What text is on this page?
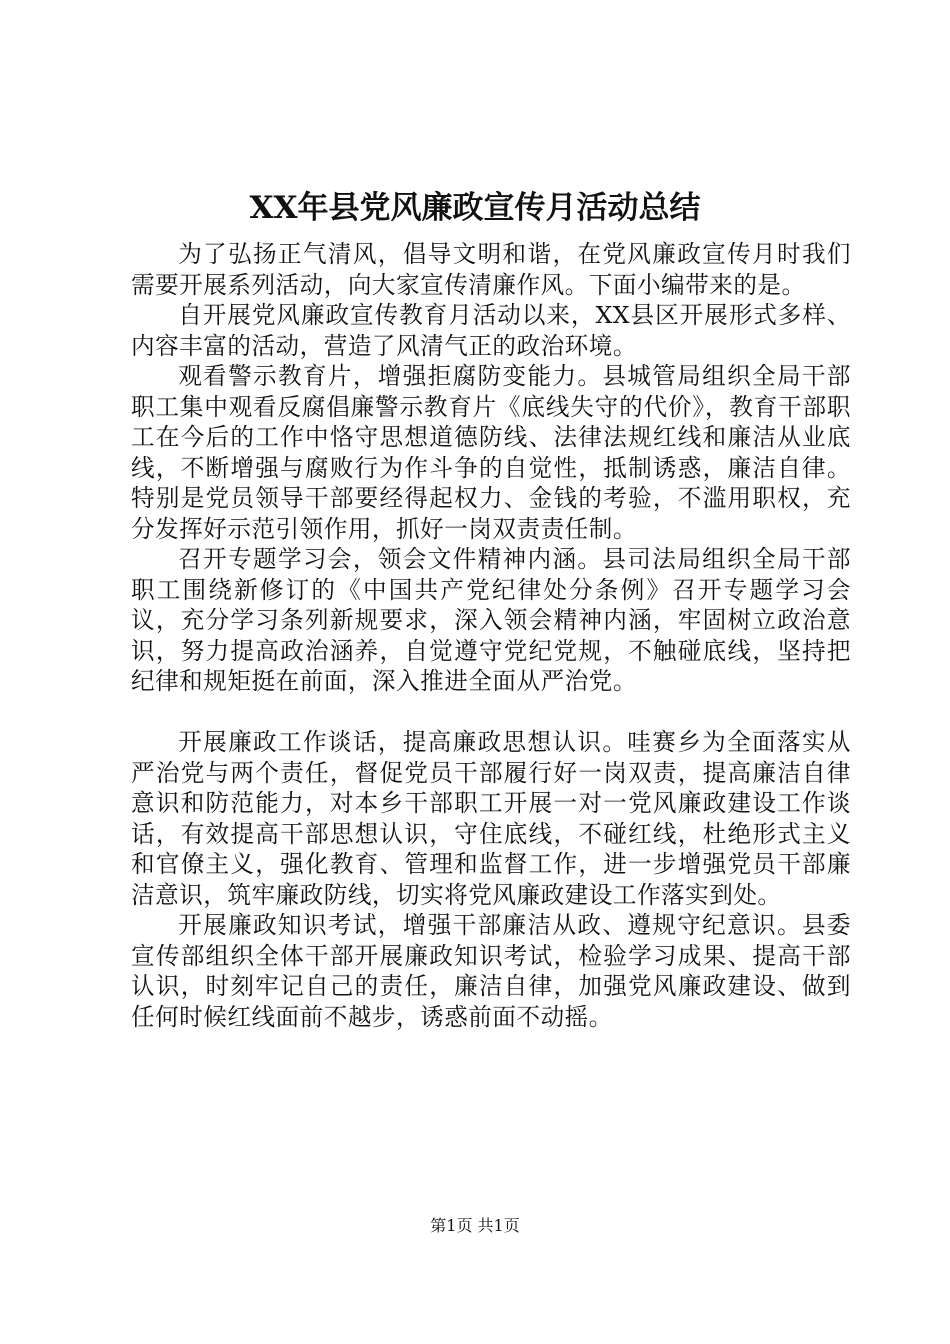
XX年县党风廉政宣传月活动总结

为了弘扬正气清风，倡导文明和谐，在党风廉政宣传月时我们需要开展系列活动，向大家宣传清廉作风。下面小编带来的是。

自开展党风廉政宣传教育月活动以来，XX县区开展形式多样、内容丰富的活动，营造了风清气正的政治环境。

观看警示教育片，增强拒腐防变能力。县城管局组织全局干部职工集中观看反腐倡廉警示教育片《底线失守的代价》，教育干部职工在今后的工作中恪守思想道德防线、法律法规红线和廉洁从业底线，不断增强与腐败行为作斗争的自觉性，抵制诱惑，廉洁自律。特别是党员领导干部要经得起权力、金钱的考验，不滥用职权，充分发挥好示范引领作用，抓好一岗双责责任制。

召开专题学习会，领会文件精神内涵。县司法局组织全局干部职工围绕新修订的《中国共产党纪律处分条例》召开专题学习会议，充分学习条列新规要求，深入领会精神内涵，牢固树立政治意识，努力提高政治涵养，自觉遵守党纪党规，不触碰底线，坚持把纪律和规矩挺在前面，深入推进全面从严治党。

开展廉政工作谈话，提高廉政思想认识。哇赛乡为全面落实从严治党与两个责任，督促党员干部履行好一岗双责，提高廉洁自律意识和防范能力，对本乡干部职工开展一对一党风廉政建设工作谈话，有效提高干部思想认识，守住底线，不碰红线，杜绝形式主义和官僚主义，强化教育、管理和监督工作，进一步增强党员干部廉洁意识，筑牢廉政防线，切实将党风廉政建设工作落实到处。

开展廉政知识考试，增强干部廉洁从政、遵规守纪意识。县委宣传部组织全体干部开展廉政知识考试，检验学习成果、提高干部认识，时刻牢记自己的责任，廉洁自律，加强党风廉政建设、做到任何时候红线面前不越步，诱惑前面不动摇。

第1页 共1页
